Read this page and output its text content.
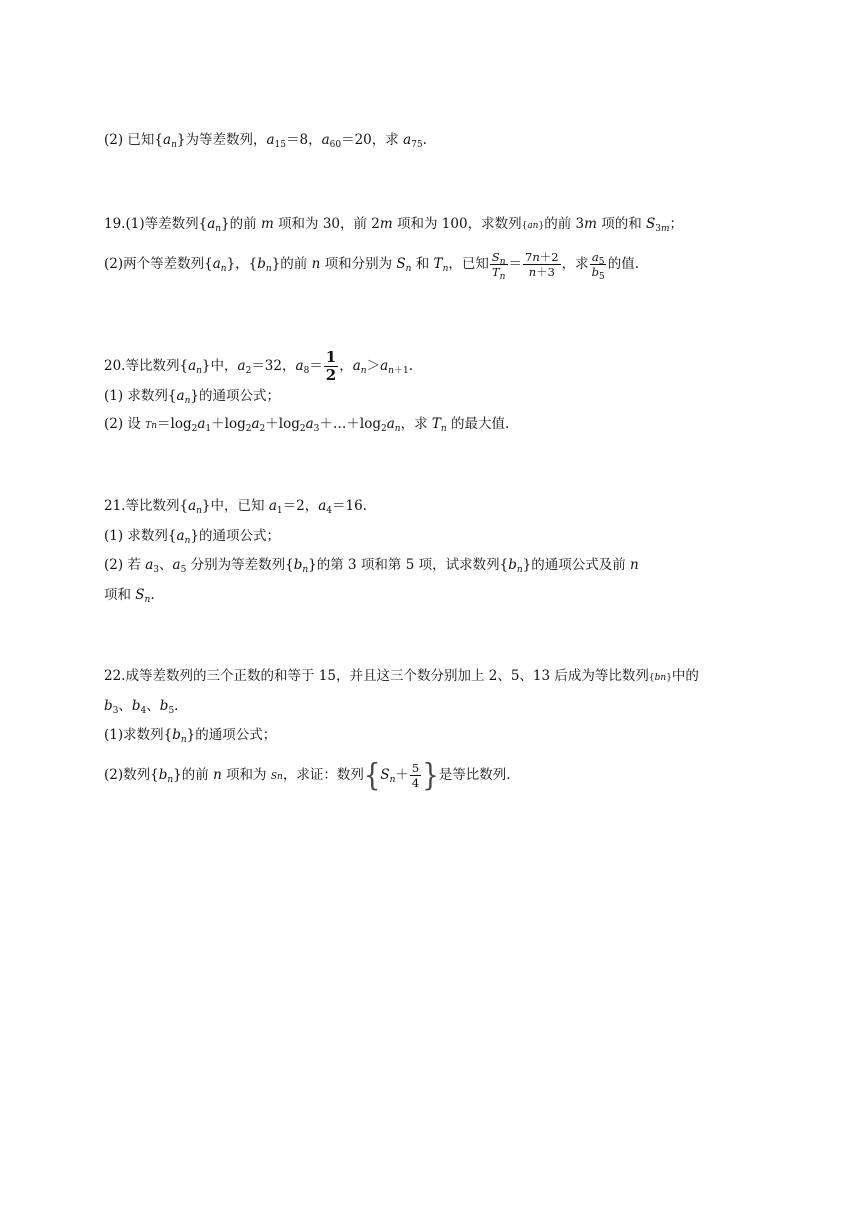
(2) 已知$\{a_n\}$为等差数列，$a_{15}=8$，$a_{60}=20$，求 $a_{75}$.
19.(1)等差数列$\{a_n\}$的前 m 项和为 30，前 2m 项和为 100，求数列{an}的前 3m 项的和 $S_{3m}$；
(2)两个等差数列$\{a_n\}$，$\{b_n\}$的前 n 项和分别为 $S_n$ 和 $T_n$，已知 $\frac{S_n}{T_n} = \frac{7n+2}{n+3}$ ，求 $\frac{a_5}{b_5}$ 的值.
20.等比数列$\{a_n\}$中，$a_2=32$，$a_8= \frac{1}{2}$ ，$a_n>a_{n+1}$.
(1) 求数列$\{a_n\}$的通项公式；
(2) 设 $Tn=\log_2a_1+\log_2a_2+\log_2a_3+\dots+\log_2a_n$，求 $T_n$ 的最大值.
21.等比数列$\{a_n\}$中，已知 $a_1=2$，$a_4=16$.
(1) 求数列$\{a_n\}$的通项公式；
(2) 若 $a_3$、$a_5$ 分别为等差数列$\{b_n\}$的第 3 项和第 5 项，试求数列$\{b_n\}$的通项公式及前 n
项和 $S_n$.
22.成等差数列的三个正数的和等于 15，并且这三个数分别加上 2、5、13 后成为等比数列{bn}中的
$b_3$、$b_4$、$b_5$.
(1)求数列$\{b_n\}$的通项公式；
(2)数列$\{b_n\}$的前 n 项和为 Sn，求证：数列{$S_n+ \frac{5}{4}$ }是等比数列.
